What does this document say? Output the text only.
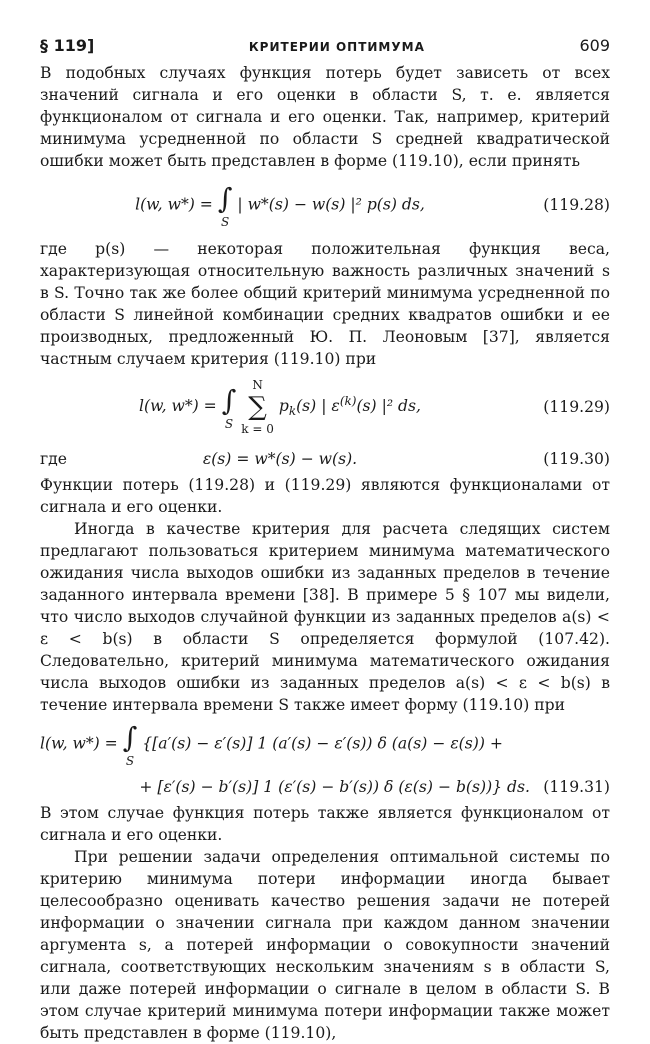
§ 119]	КРИТЕРИИ ОПТИМУМА	609

В подобных случаях функция потерь будет зависеть от всех значений сигнала и его оценки в области S, т. е. является функционалом от сигнала и его оценки. Так, например, критерий минимума усредненной по области S средней квадратической ошибки может быть представлен в форме (119.10), если принять

l(w, w*) = ∫
S
| w*(s) − w(s) |² p(s) ds,	(119.28)

где p(s) — некоторая положительная функция веса, характеризующая относительную важность различных значений s в S. Точно так же более общий критерий минимума усредненной по области S линейной комбинации средних квадратов ошибки и ее производных, предложенный Ю. П. Леоновым [37], является частным случаем критерия (119.10) при

l(w, w*) = ∫
S

N
∑
k = 0
$p_k(s)$ | $\varepsilon^{(k)}(s)$ |² ds,	(119.29)
где	ε(s) = w*(s) − w(s).	(119.30)

Функции потерь (119.28) и (119.29) являются функционалами от сигнала и его оценки.

Иногда в качестве критерия для расчета следящих систем предлагают пользоваться критерием минимума математического ожидания числа выходов ошибки из заданных пределов в течение заданного интервала времени [38]. В примере 5 § 107 мы видели, что число выходов случайной функции из заданных пределов a(s) < ε < b(s) в области S определяется формулой (107.42). Следовательно, критерий минимума математического ожидания числа выходов ошибки из заданных пределов a(s) < ε < b(s) в течение интервала времени S также имеет форму (119.10) при

l(w, w*) = ∫
S
{[a′(s) − ε′(s)] 1 (a′(s) − ε′(s)) δ (a(s) − ε(s)) +
+ [ε′(s) − b′(s)] 1 (ε′(s) − b′(s)) δ (ε(s) − b(s))} ds. (119.31)

В этом случае функция потерь также является функционалом от сигнала и его оценки.

При решении задачи определения оптимальной системы по критерию минимума потери информации иногда бывает целесообразно оценивать качество решения задачи не потерей информации о значении сигнала при каждом данном значении аргумента s, а потерей информации о совокупности значений сигнала, соответствующих нескольким значениям s в области S, или даже потерей информации о сигнале в целом в области S. В этом случае критерий минимума потери информации также может быть представлен в форме (119.10),
